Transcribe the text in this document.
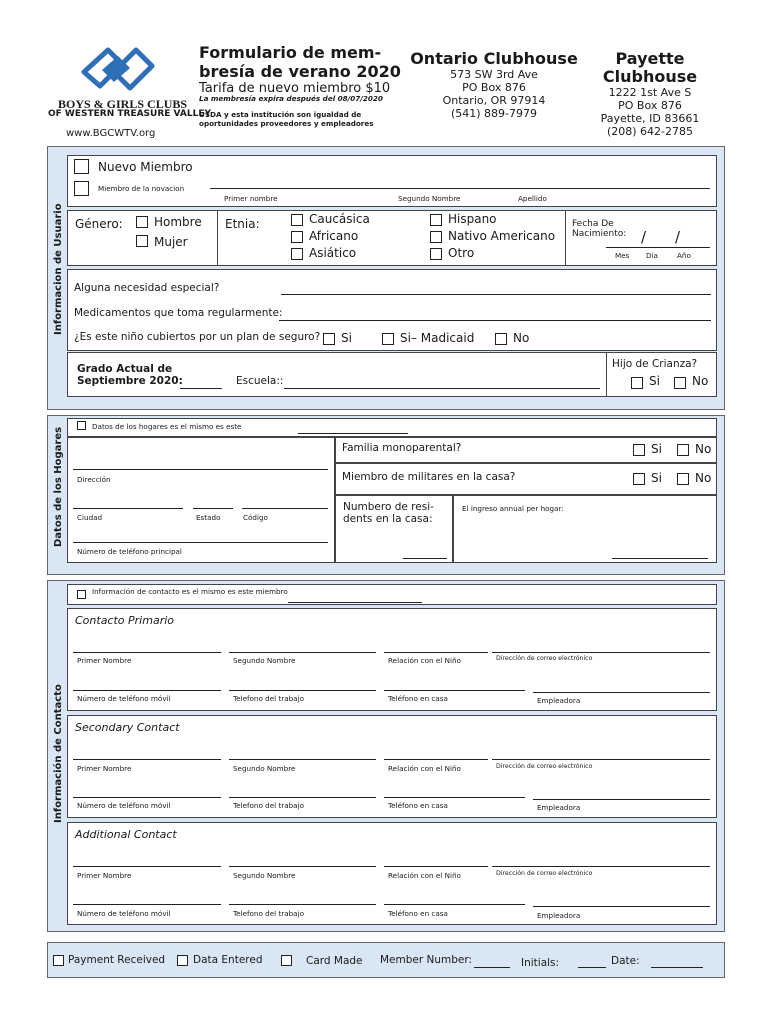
BOYS & GIRLS CLUBS
OF WESTERN TREASURE VALLEY
www.BGCWTV.org
Formulario de mem-
bresía de verano 2020
Tarifa de nuevo miembro $10
La membresía expira después del 08/07/2020
USDA y esta institución son igualdad de
oportunidades proveedores y empleadores
Ontario Clubhouse
573 SW 3rd Ave
PO Box 876
Ontario, OR 97914
(541) 889-7979
Payette
Clubhouse
1222 1st Ave S
PO Box 876
Payette, ID 83661
(208) 642-2785
Informacion de Usuario
Nuevo Miembro
Miembro de la novacion
Primer nombre	Segundo Nombre	Apellido
Género:	Hombre
Mujer
Etnia:	Caucásica
Africano
Asiático
Hispano
Nativo Americano
Otro
Fecha De
Nacimiento: / /
Mes Día	Año
Alguna necesidad especial?
Medicamentos que toma regularmente:
¿Es este niño cubiertos por un plan de seguro? Si	Si– Madicaid	No
Grado Actual de
Septiembre 2020:	Escuela::
Hijo de Crianza?
Si	No
Datos de los Hogares
Datos de los hogares es el mismo es este
Dirección
Ciudad	Estado	Código
Número de teléfono principal
Familia monoparental?	Si	No
Miembro de militares en la casa?	Si	No
Numbero de resi-
dents en la casa:
El ingreso annual per hogar:
Información de Contacto
Información de contacto es el mismo es este miembro
Contacto Primario
Primer Nombre	Segundo Nombre	Relación con el Niño	Dirección de correo electrónico
Número de teléfono móvil	Telefono del trabajo	Teléfono en casa	Empleadora
Secondary Contact
Primer Nombre	Segundo Nombre	Relación con el Niño	Dirección de correo electrónico
Número de teléfono móvil	Telefono del trabajo	Teléfono en casa	Empleadora
Additional Contact
Primer Nombre	Segundo Nombre	Relación con el Niño	Dirección de correo electrónico
Número de teléfono móvil	Telefono del trabajo	Teléfono en casa	Empleadora
Payment Received	Data Entered	Card Made Member Number:	Initials:	Date:
